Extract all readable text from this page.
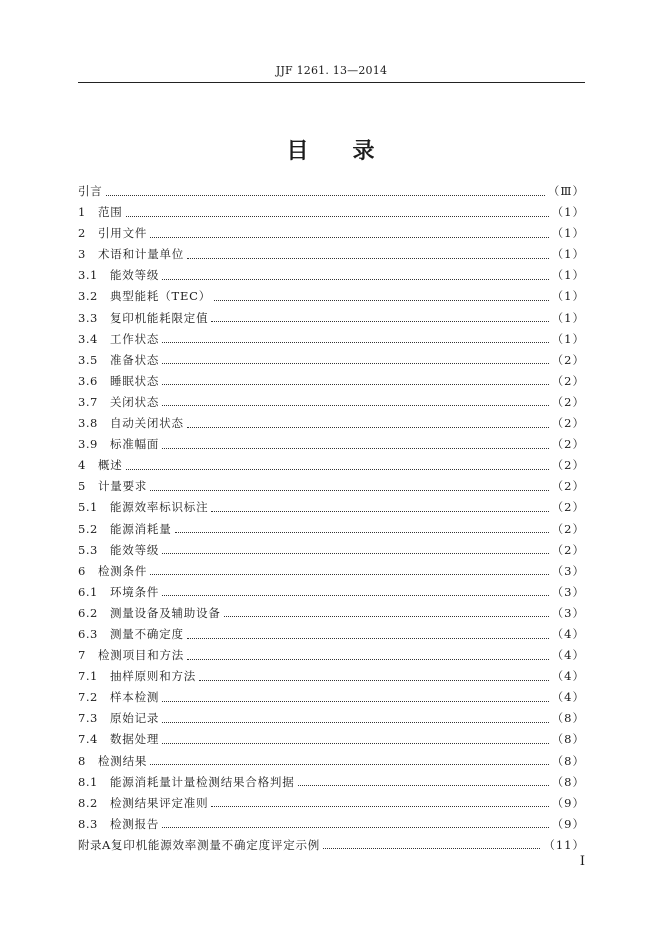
JJF 1261. 13—2014
目 录
引言	（Ⅲ）
1	范围	（1）
2	引用文件	（1）
3	术语和计量单位	（1）
3.1	能效等级	（1）
3.2	典型能耗（TEC）	（1）
3.3	复印机能耗限定值	（1）
3.4	工作状态	（1）
3.5	准备状态	（2）
3.6	睡眠状态	（2）
3.7	关闭状态	（2）
3.8	自动关闭状态	（2）
3.9	标准幅面	（2）
4	概述	（2）
5	计量要求	（2）
5.1	能源效率标识标注	（2）
5.2	能源消耗量	（2）
5.3	能效等级	（2）
6	检测条件	（3）
6.1	环境条件	（3）
6.2	测量设备及辅助设备	（3）
6.3	测量不确定度	（4）
7	检测项目和方法	（4）
7.1	抽样原则和方法	（4）
7.2	样本检测	（4）
7.3	原始记录	（8）
7.4	数据处理	（8）
8	检测结果	（8）
8.1	能源消耗量计量检测结果合格判据	（8）
8.2	检测结果评定准则	（9）
8.3	检测报告	（9）
附录A 复印机能源效率测量不确定度评定示例	（11）
Ⅰ
